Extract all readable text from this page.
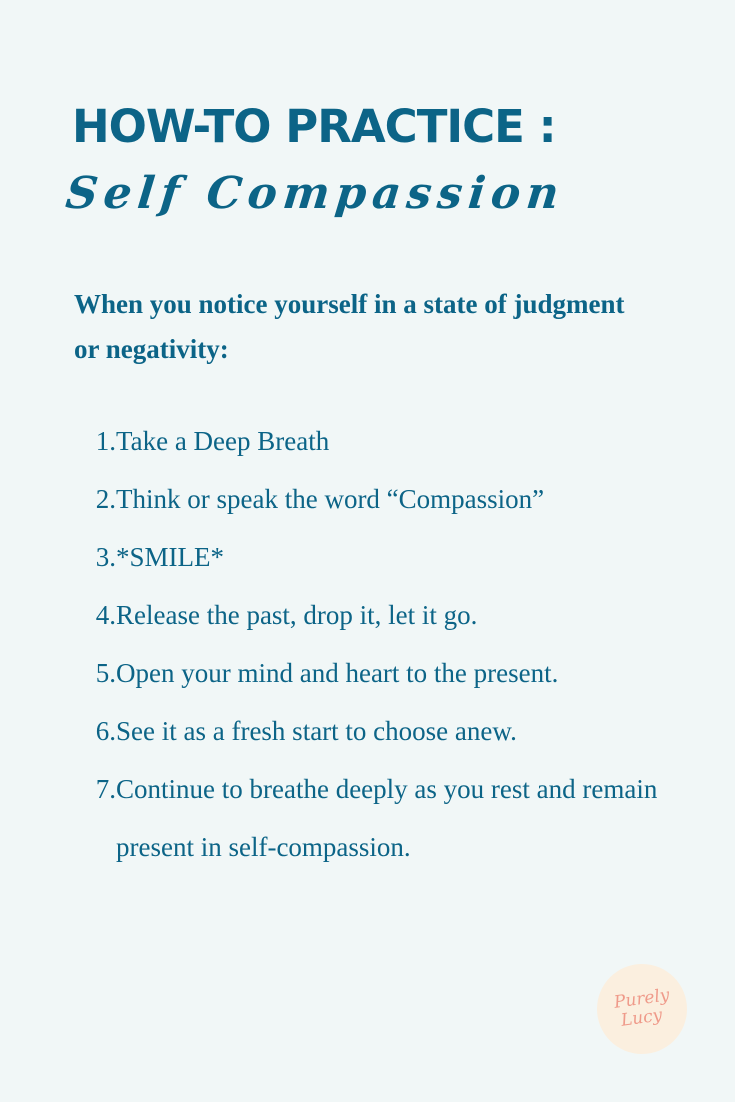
HOW-TO PRACTICE :
Self Compassion

When you notice yourself in a state of judgment or negativity:

1. Take a Deep Breath
2. Think or speak the word “Compassion”
3. *SMILE*
4. Release the past, drop it, let it go.
5. Open your mind and heart to the present.
6. See it as a fresh start to choose anew.
7. Continue to breathe deeply as you rest and remain present in self-compassion.
Purely
Lucy
